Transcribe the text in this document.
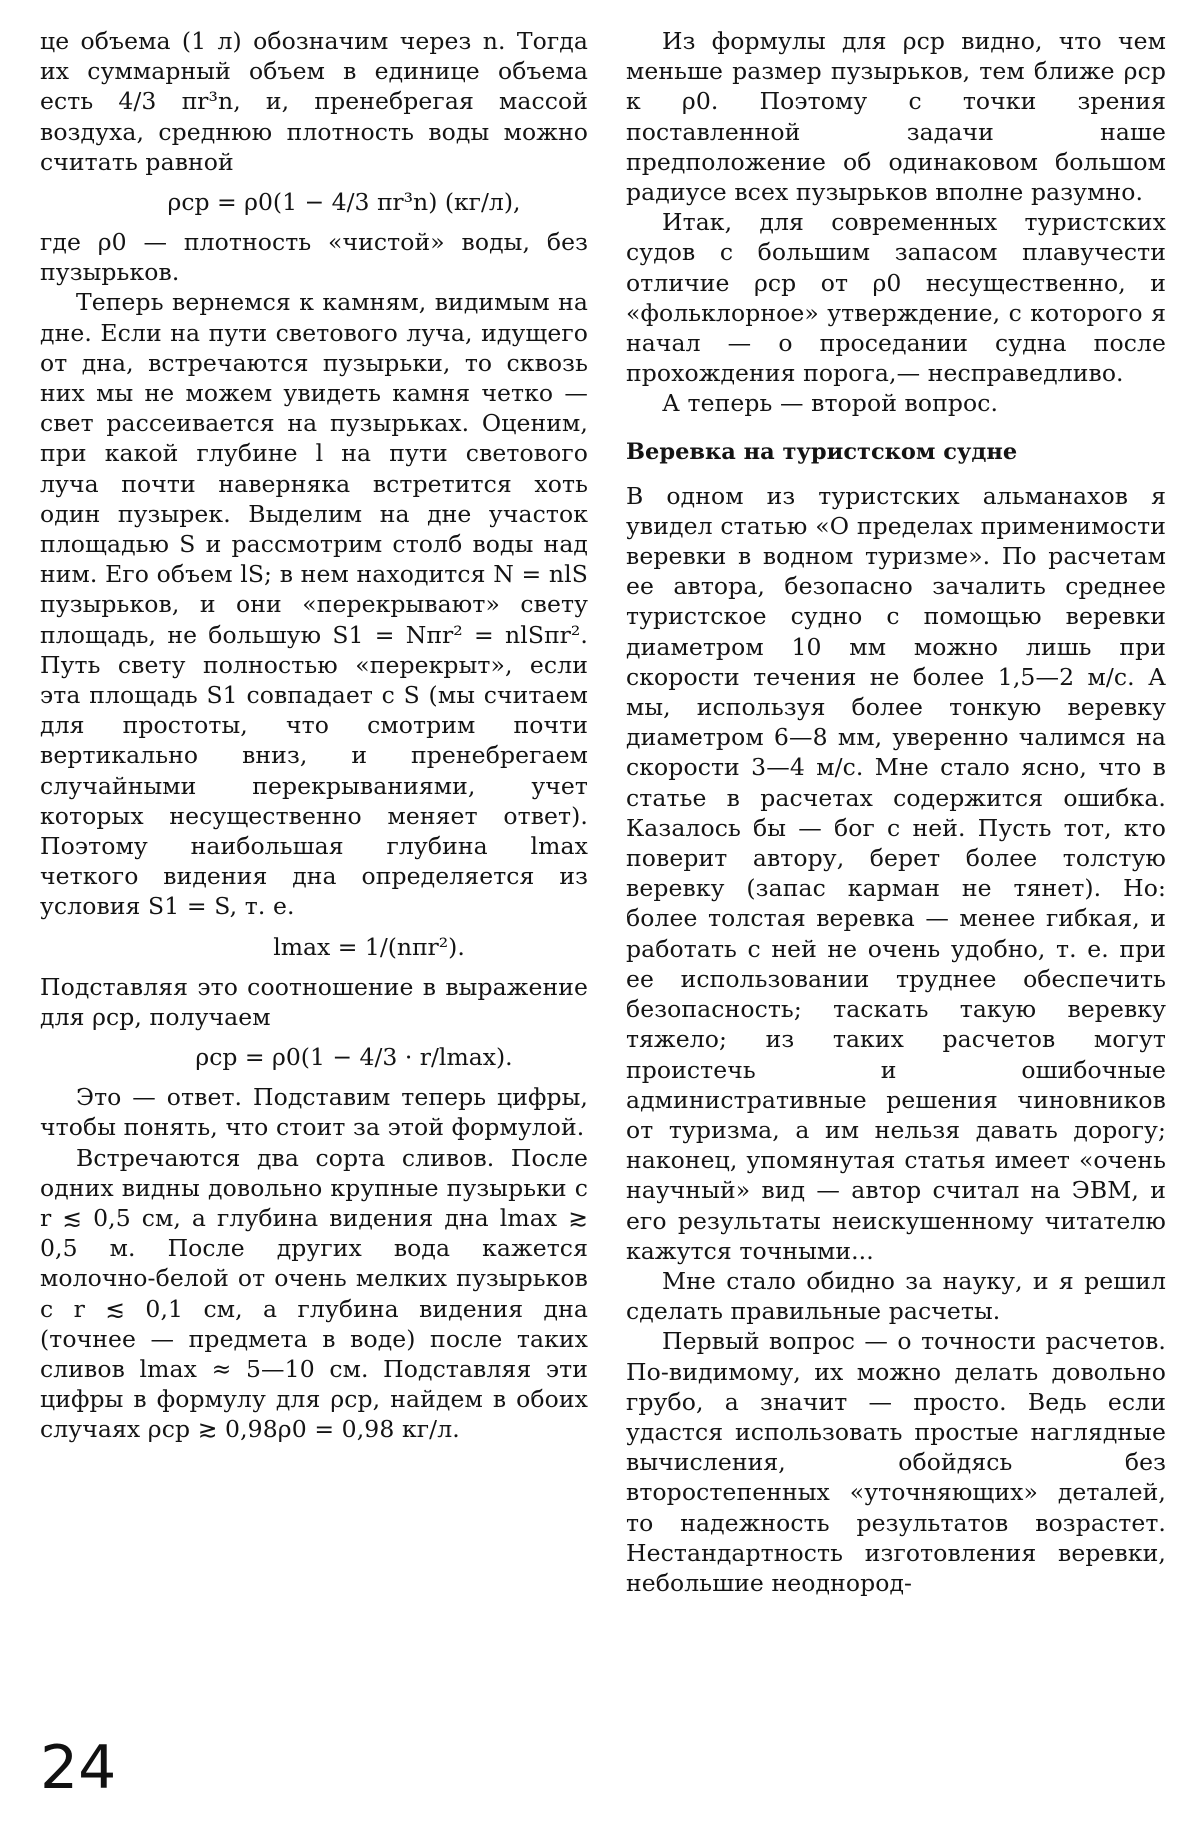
це объема (1 л) обозначим через n. Тогда их суммарный объем в единице объема есть 4/3 πr³n, и, пренебрегая массой воздуха, среднюю плотность воды можно считать равной

ρср = ρ0(1 − 4/3 πr³n) (кг/л),

где ρ0 — плотность «чистой» воды, без пузырьков.

Теперь вернемся к камням, видимым на дне. Если на пути светового луча, идущего от дна, встречаются пузырьки, то сквозь них мы не можем увидеть камня четко — свет рассеивается на пузырьках. Оценим, при какой глубине l на пути светового луча почти наверняка встретится хоть один пузырек. Выделим на дне участок площадью S и рассмотрим столб воды над ним. Его объем lS; в нем находится N = nlS пузырьков, и они «перекрывают» свету площадь, не большую S1 = Nπr² = nlSπr². Путь свету полностью «перекрыт», если эта площадь S1 совпадает с S (мы считаем для простоты, что смотрим почти вертикально вниз, и пренебрегаем случайными перекрываниями, учет которых несущественно меняет ответ). Поэтому наибольшая глубина lmax четкого видения дна определяется из условия S1 = S, т. е.

lmax = 1/(nπr²).

Подставляя это соотношение в выражение для ρср, получаем

ρср = ρ0(1 − 4/3 · r/lmax).

Это — ответ. Подставим теперь цифры, чтобы понять, что стоит за этой формулой.

Встречаются два сорта сливов. После одних видны довольно крупные пузырьки с r ≲ 0,5 см, а глубина видения дна lmax ≳ 0,5 м. После других вода кажется молочно-белой от очень мелких пузырьков с r ≲ 0,1 см, а глубина видения дна (точнее — предмета в воде) после таких сливов lmax ≈ 5—10 см. Подставляя эти цифры в формулу для ρср, найдем в обоих случаях ρср ≳ 0,98ρ0 = 0,98 кг/л.

Из формулы для ρср видно, что чем меньше размер пузырьков, тем ближе ρср к ρ0. Поэтому с точки зрения поставленной задачи наше предположение об одинаковом большом радиусе всех пузырьков вполне разумно.

Итак, для современных туристских судов с большим запасом плавучести отличие ρср от ρ0 несущественно, и «фольклорное» утверждение, с которого я начал — о проседании судна после прохождения порога,— несправедливо.

А теперь — второй вопрос.

Веревка на туристском судне

В одном из туристских альманахов я увидел статью «О пределах применимости веревки в водном туризме». По расчетам ее автора, безопасно зачалить среднее туристское судно с помощью веревки диаметром 10 мм можно лишь при скорости течения не более 1,5—2 м/с. А мы, используя более тонкую веревку диаметром 6—8 мм, уверенно чалимся на скорости 3—4 м/с. Мне стало ясно, что в статье в расчетах содержится ошибка. Казалось бы — бог с ней. Пусть тот, кто поверит автору, берет более толстую веревку (запас карман не тянет). Но: более толстая веревка — менее гибкая, и работать с ней не очень удобно, т. е. при ее использовании труднее обеспечить безопасность; таскать такую веревку тяжело; из таких расчетов могут проистечь и ошибочные административные решения чиновников от туризма, а им нельзя давать дорогу; наконец, упомянутая статья имеет «очень научный» вид — автор считал на ЭВМ, и его результаты неискушенному читателю кажутся точными...

Мне стало обидно за науку, и я решил сделать правильные расчеты.

Первый вопрос — о точности расчетов. По-видимому, их можно делать довольно грубо, а значит — просто. Ведь если удастся использовать простые наглядные вычисления, обойдясь без второстепенных «уточняющих» деталей, то надежность результатов возрастет. Нестандартность изготовления веревки, небольшие неоднород-

24
